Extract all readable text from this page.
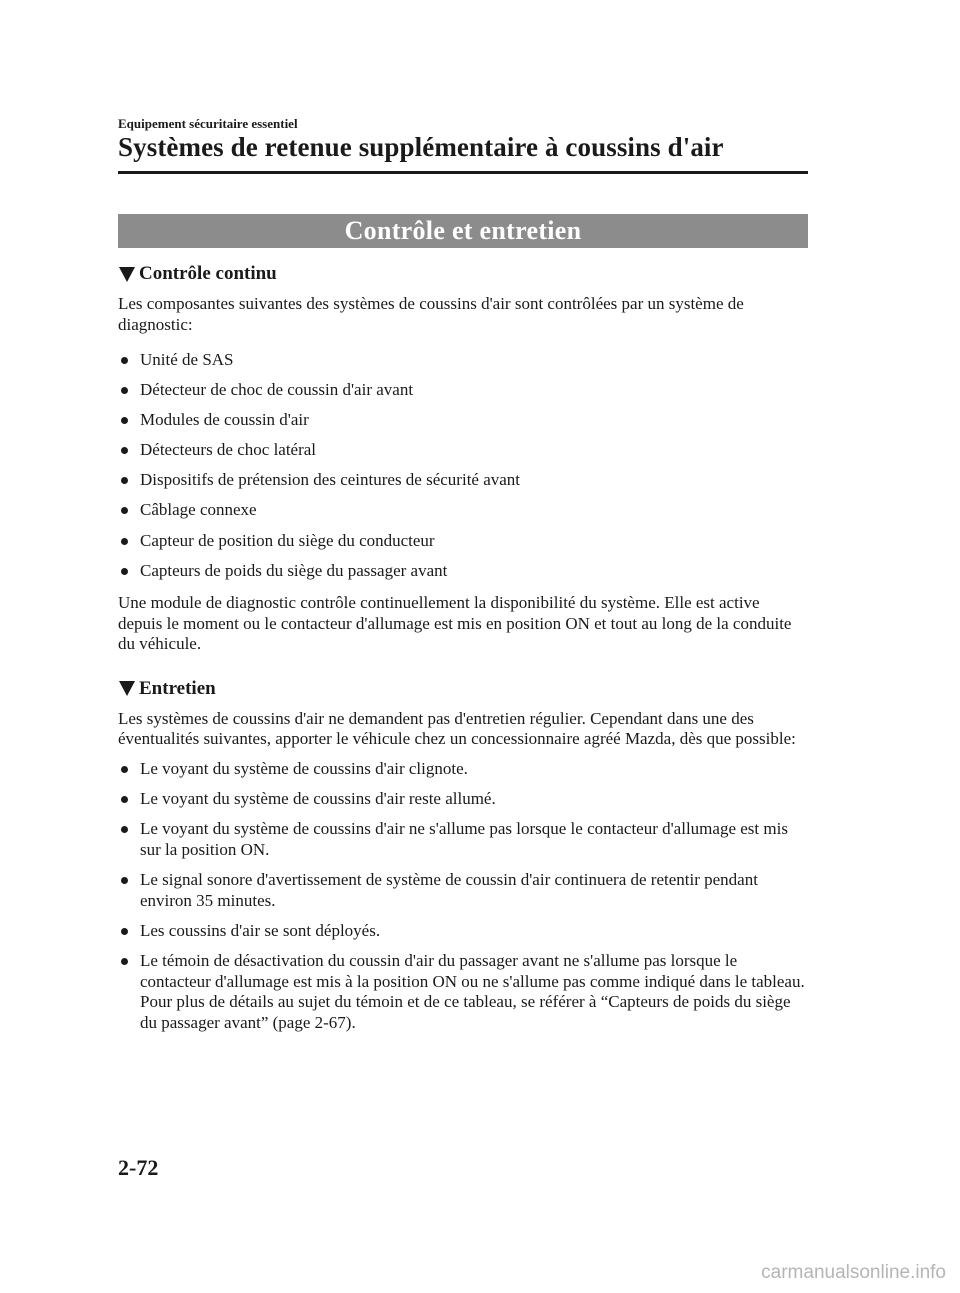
Equipement sécuritaire essentiel
Systèmes de retenue supplémentaire à coussins d'air
Contrôle et entretien
Contrôle continu

Les composantes suivantes des systèmes de coussins d'air sont contrôlées par un système de diagnostic:

Unité de SAS
Détecteur de choc de coussin d'air avant
Modules de coussin d'air
Détecteurs de choc latéral
Dispositifs de prétension des ceintures de sécurité avant
Câblage connexe
Capteur de position du siège du conducteur
Capteurs de poids du siège du passager avant

Une module de diagnostic contrôle continuellement la disponibilité du système. Elle est active depuis le moment ou le contacteur d'allumage est mis en position ON et tout au long de la conduite du véhicule.

Entretien

Les systèmes de coussins d'air ne demandent pas d'entretien régulier. Cependant dans une des éventualités suivantes, apporter le véhicule chez un concessionnaire agréé Mazda, dès que possible:

Le voyant du système de coussins d'air clignote.
Le voyant du système de coussins d'air reste allumé.
Le voyant du système de coussins d'air ne s'allume pas lorsque le contacteur d'allumage est mis sur la position ON.
Le signal sonore d'avertissement de système de coussin d'air continuera de retentir pendant environ 35 minutes.
Les coussins d'air se sont déployés.
Le témoin de désactivation du coussin d'air du passager avant ne s'allume pas lorsque le contacteur d'allumage est mis à la position ON ou ne s'allume pas comme indiqué dans le tableau. Pour plus de détails au sujet du témoin et de ce tableau, se référer à “Capteurs de poids du siège du passager avant” (page 2-67).
2-72
carmanualsonline.info
